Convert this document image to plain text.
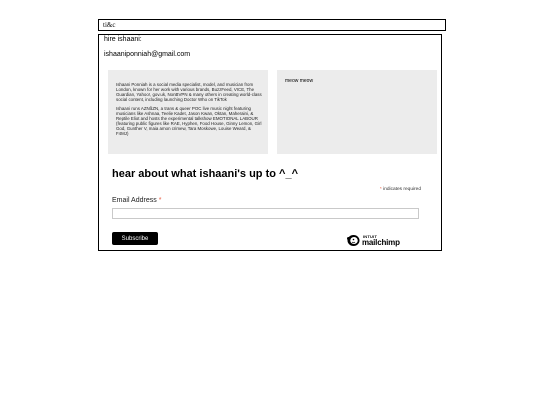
ti&c
hire ishaani:
ishaaniponniah@gmail.com

Ishaani Ponniah is a social media specialist, model, and musician from London, known for her work with various brands, BuzzFeed, VICE, The Guardian, Yahoo!, gov.uk, NonBVPN & many others in creating world-class social content, including launching Doctor Who on TikTok

Ishaani runs AZNßZN, a trans & queer POC live music night featuring musicians like Ashnaa, Teelie Kadet, Jason Kwan, Oktan, Maheraini, & Reptile Eliot and hosts the experimental talkshow EMOTIONAL LABOUR (featuring public figures like RAE, Hyphen, Food House, Ginny Lemon, Girl God, Gunther V, maia amon crimew, Tara Moskowe, Louise Weard, & F4MJ)

meow meow
hear about what ishaani's up to ^_^
* indicates required
Email Address *
Subscribe	INTUIT
mailchimp
